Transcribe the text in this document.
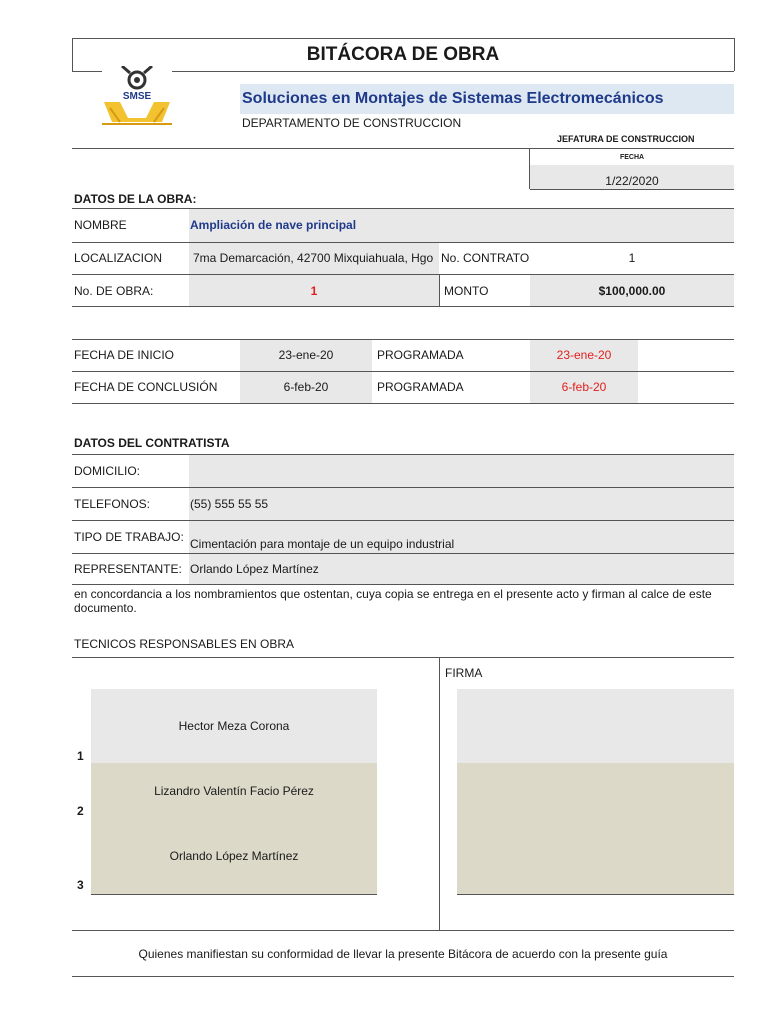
BITÁCORA DE OBRA
SMSE	Soluciones en Montajes de Sistemas Electromecánicos
DEPARTAMENTO DE CONSTRUCCION
JEFATURA DE CONSTRUCCION
FECHA
1/22/2020
DATOS DE LA OBRA:
NOMBRE	Ampliación de nave principal
LOCALIZACION	7ma Demarcación, 42700 Mixquiahuala, Hgo No. CONTRATO	1
No. DE OBRA:	1	MONTO	$100,000.00
FECHA DE INICIO	23-ene-20	PROGRAMADA	23-ene-20
FECHA DE CONCLUSIÓN	6-feb-20	PROGRAMADA	6-feb-20
DATOS DEL CONTRATISTA
DOMICILIO:
TELEFONOS:	(55) 555 55 55
TIPO DE TRABAJO: Cimentación para montaje de un equipo industrial
REPRESENTANTE: Orlando López Martínez
en concordancia a los nombramientos que ostentan, cuya copia se entrega en el presente acto y firman al calce de este documento.
TECNICOS RESPONSABLES EN OBRA
FIRMA
1
Hector Meza Corona
2
Lizandro Valentín Facio Pérez
3
Orlando López Martínez
Quienes manifiestan su conformidad de llevar la presente Bitácora de acuerdo con la presente guía
